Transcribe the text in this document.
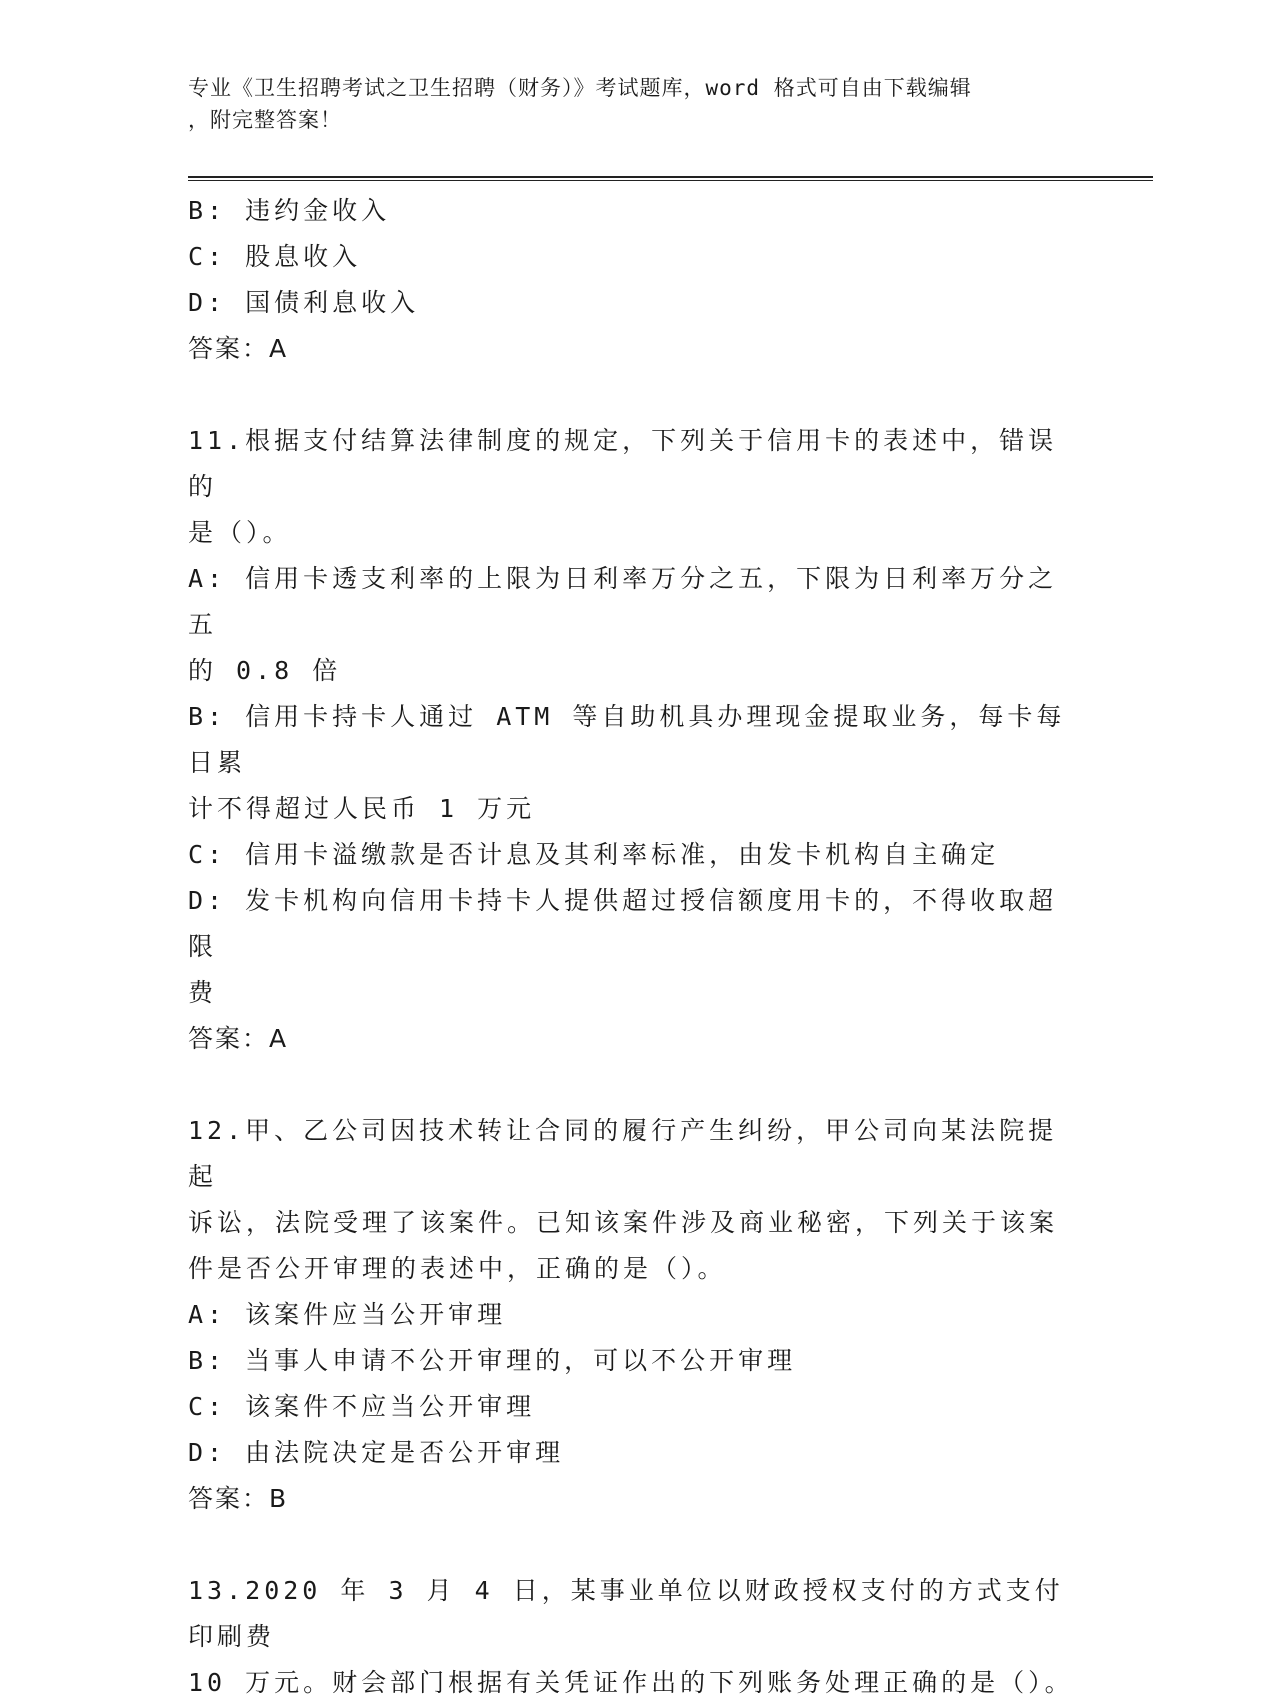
专业《卫生招聘考试之卫生招聘（财务）》考试题库，word 格式可自由下载编辑
，附完整答案！

B: 违约金收入

C: 股息收入

D: 国债利息收入

答案：A

11.根据支付结算法律制度的规定，下列关于信用卡的表述中，错误的

是（）。

A: 信用卡透支利率的上限为日利率万分之五，下限为日利率万分之五

的 0.8 倍

B: 信用卡持卡人通过 ATM 等自助机具办理现金提取业务，每卡每日累

计不得超过人民币 1 万元

C: 信用卡溢缴款是否计息及其利率标准，由发卡机构自主确定

D: 发卡机构向信用卡持卡人提供超过授信额度用卡的，不得收取超限

费

答案：A

12.甲、乙公司因技术转让合同的履行产生纠纷，甲公司向某法院提起

诉讼，法院受理了该案件。已知该案件涉及商业秘密，下列关于该案

件是否公开审理的表述中，正确的是（）。

A: 该案件应当公开审理

B: 当事人申请不公开审理的，可以不公开审理

C: 该案件不应当公开审理

D: 由法院决定是否公开审理

答案：B

13.2020 年 3 月 4 日，某事业单位以财政授权支付的方式支付印刷费

10 万元。财会部门根据有关凭证作出的下列账务处理正确的是（）。
